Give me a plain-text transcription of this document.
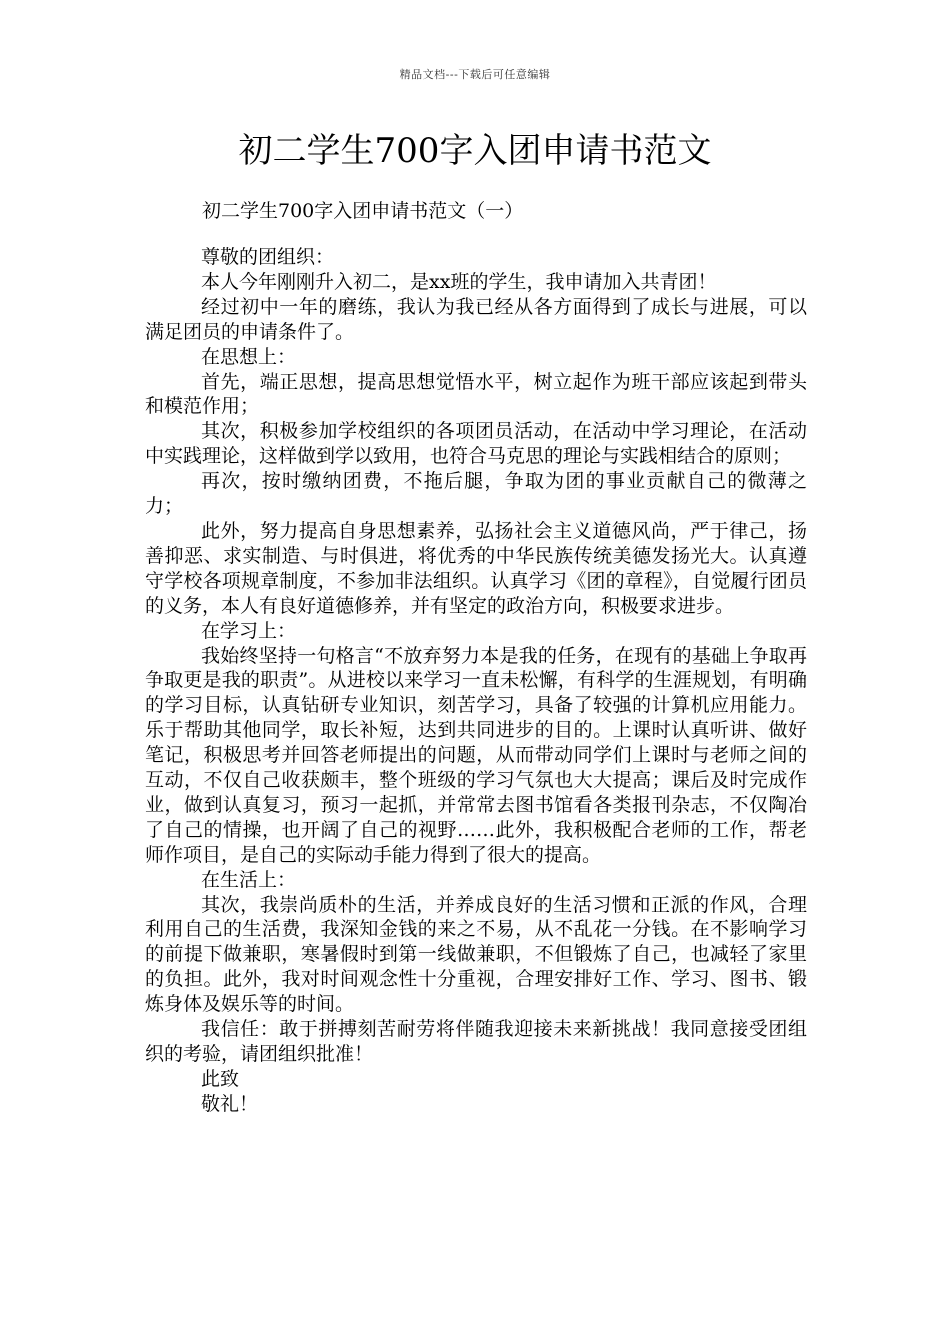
精品文档---下载后可任意编辑
初二学生700字入团申请书范文
初二学生700字入团申请书范文（一）

尊敬的团组织：

本人今年刚刚升入初二，是xx班的学生，我申请加入共青团！

经过初中一年的磨练，我认为我已经从各方面得到了成长与进展，可以满足团员的申请条件了。

在思想上：

首先，端正思想，提高思想觉悟水平，树立起作为班干部应该起到带头和模范作用；

其次，积极参加学校组织的各项团员活动，在活动中学习理论，在活动中实践理论，这样做到学以致用，也符合马克思的理论与实践相结合的原则；

再次，按时缴纳团费，不拖后腿，争取为团的事业贡献自己的微薄之力；

此外，努力提高自身思想素养，弘扬社会主义道德风尚，严于律己，扬善抑恶、求实制造、与时俱进，将优秀的中华民族传统美德发扬光大。认真遵守学校各项规章制度，不参加非法组织。认真学习《团的章程》，自觉履行团员的义务，本人有良好道德修养，并有坚定的政治方向，积极要求进步。

在学习上：

我始终坚持一句格言“不放弃努力本是我的任务，在现有的基础上争取再争取更是我的职责”。从进校以来学习一直未松懈，有科学的生涯规划，有明确的学习目标，认真钻研专业知识，刻苦学习，具备了较强的计算机应用能力。乐于帮助其他同学，取长补短，达到共同进步的目的。上课时认真听讲、做好笔记，积极思考并回答老师提出的问题，从而带动同学们上课时与老师之间的互动，不仅自己收获颇丰，整个班级的学习气氛也大大提高；课后及时完成作业，做到认真复习，预习一起抓，并常常去图书馆看各类报刊杂志，不仅陶冶了自己的情操，也开阔了自己的视野……此外，我积极配合老师的工作，帮老师作项目，是自己的实际动手能力得到了很大的提高。

在生活上：

其次，我崇尚质朴的生活，并养成良好的生活习惯和正派的作风，合理利用自己的生活费，我深知金钱的来之不易，从不乱花一分钱。在不影响学习的前提下做兼职，寒暑假时到第一线做兼职，不但锻炼了自己，也减轻了家里的负担。此外，我对时间观念性十分重视，合理安排好工作、学习、图书、锻炼身体及娱乐等的时间。

我信任：敢于拼搏刻苦耐劳将伴随我迎接未来新挑战！我同意接受团组织的考验，请团组织批准！

此致

敬礼！
